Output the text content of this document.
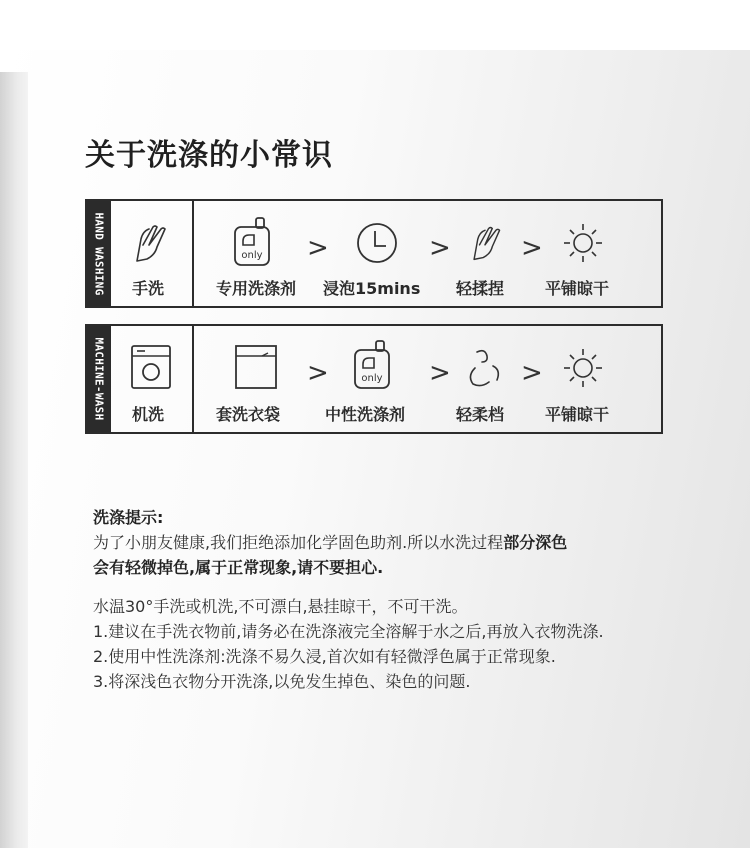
关于洗涤的小常识
HAND WASHING 手洗
only >	>	>
专用洗涤剂 浸泡15mins 轻揉捏	平铺晾干
MACHINE-WASH 机洗
>	only >	>
套洗衣袋	中性洗涤剂	轻柔档	平铺晾干
洗涤提示:
为了小朋友健康,我们拒绝添加化学固色助剂.所以水洗过程部分深色
会有轻微掉色,属于正常现象,请不要担心.
水温30°手洗或机洗,不可漂白,悬挂晾干，不可干洗。
1.建议在手洗衣物前,请务必在洗涤液完全溶解于水之后,再放入衣物洗涤.
2.使用中性洗涤剂:洗涤不易久浸,首次如有轻微浮色属于正常现象.
3.将深浅色衣物分开洗涤,以免发生掉色、染色的问题.
